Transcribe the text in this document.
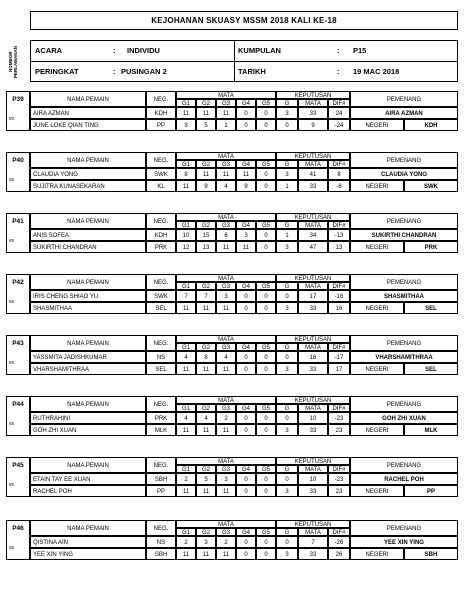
KEJOHANAN SKUASY MSSM 2018 KALI KE-18
NOMBOR PERLAWANAN	ACARA	: INDIVIDU	KUMPULAN	: P15
PERINGKAT	: PUSINGAN 2	TARIKH	: 19 MAC 2018
P39
vs
NAMA PEMAIN	NEG.
MATA
G1	G2	G3	G4	G5
KEPUTUSAN
G	MATA	DIF#
PEMENANG
AIRA AZMAN	KDH	11	11	11	0	0	3	33	24
JUNE LOKE QIAN TING	PP	3	5	1	0	0	0	9	-24
AIRA AZMAN
NEGERI	KDH
P40
vs
NAMA PEMAIN	NEG.
MATA
G1	G2	G3	G4	G5
KEPUTUSAN
G	MATA	DIF#
PEMENANG
CLAUDIA YONG	SWK	8	11	11	11	0	3	41	8
SUJITRA KUNASEKARAN	KL	11	9	4	9	0	1	33	-8
CLAUDIA YONG
NEGERI	SWK
P41
vs
NAMA PEMAIN	NEG.
MATA
G1	G2	G3	G4	G5
KEPUTUSAN
G	MATA	DIF#
PEMENANG
ANIS SOFEA	KDH	10	15	6	3	0	1	34	-13
SUKIRTHI CHANDRAN	PRK	12	13	11	11	0	3	47	13
SUKIRTHI CHANDRAN
NEGERI	PRK
P42
vs
NAMA PEMAIN	NEG.
MATA
G1	G2	G3	G4	G5
KEPUTUSAN
G	MATA	DIF#
PEMENANG
IRIS CHENG SHIAO YU	SWK	7	7	3	0	0	0	17	-16
SHASMITHAA	SEL	11	11	11	0	0	3	33	16
SHASMITHAA
NEGERI	SEL
P43
vs
NAMA PEMAIN	NEG.
MATA
G1	G2	G3	G4	G5
KEPUTUSAN
G	MATA	DIF#
PEMENANG
YASSMITA JADISHKUMAR	NS	4	8	4	0	0	0	16	-17
VHARSHAMITHRAA	SEL	11	11	11	0	0	3	33	17
VHARSHAMITHRAA
NEGERI	SEL
P44
vs
NAMA PEMAIN	NEG.
MATA
G1	G2	G3	G4	G5
KEPUTUSAN
G	MATA	DIF#
PEMENANG
RUTHRAHINI	PRK	4	4	2	0	0	0	10	-23
GOH ZHI XUAN	MLK	11	11	11	0	0	3	33	23
GOH ZHI XUAN
NEGERI	MLK
P45
vs
NAMA PEMAIN	NEG.
MATA
G1	G2	G3	G4	G5
KEPUTUSAN
G	MATA	DIF#
PEMENANG
ETAIN TAY EE XUAN	SBH	2	5	3	0	0	0	10	-23
RACHEL POH	PP	11	11	11	0	0	3	33	23
RACHEL POH
NEGERI	PP
P46
vs
NAMA PEMAIN	NEG.
MATA
G1	G2	G3	G4	G5
KEPUTUSAN
G	MATA	DIF#
PEMENANG
QISTINA AIN	NS	2	3	2	0	0	0	7	-26
YEE XIN YING	SBH	11	11	11	0	0	3	33	26
YEE XIN YING
NEGERI	SBH
